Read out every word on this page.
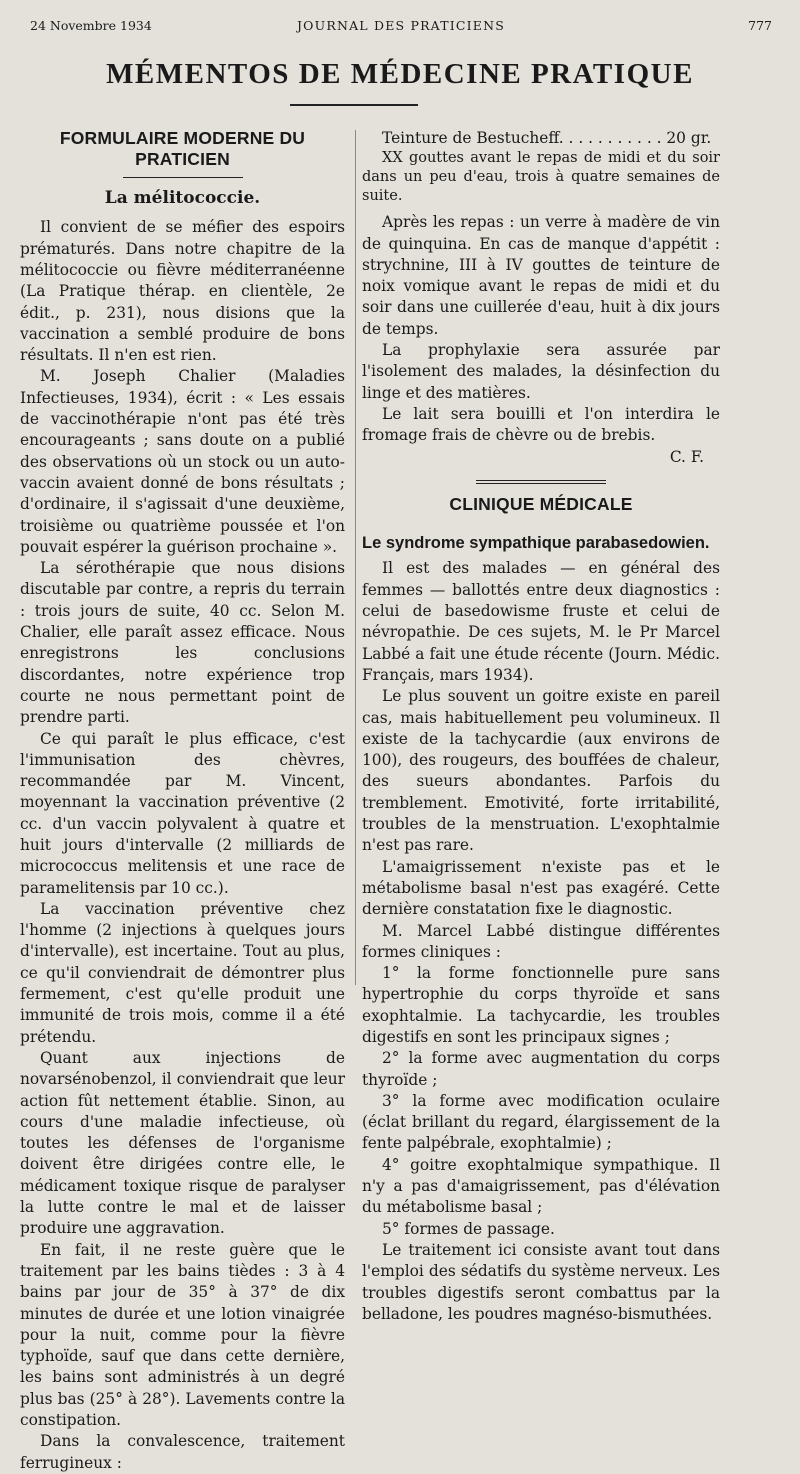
24 Novembre 1934	JOURNAL DES PRATICIENS	777
MÉMENTOS DE MÉDECINE PRATIQUE
FORMULAIRE MODERNE DU PRATICIEN
La mélitococcie.

Il convient de se méfier des espoirs prématurés. Dans notre chapitre de la mélitococcie ou fièvre méditerranéenne (La Pratique thérap. en clientèle, 2e édit., p. 231), nous disions que la vaccination a semblé produire de bons résultats. Il n'en est rien.

M. Joseph Chalier (Maladies Infectieuses, 1934), écrit : « Les essais de vaccinothérapie n'ont pas été très encourageants ; sans doute on a publié des observations où un stock ou un auto-vaccin avaient donné de bons résultats ; d'ordinaire, il s'agissait d'une deuxième, troisième ou quatrième poussée et l'on pouvait espérer la guérison prochaine ».

La sérothérapie que nous disions discutable par contre, a repris du terrain : trois jours de suite, 40 cc. Selon M. Chalier, elle paraît assez efficace. Nous enregistrons les conclusions discordantes, notre expérience trop courte ne nous permettant point de prendre parti.

Ce qui paraît le plus efficace, c'est l'immunisation des chèvres, recommandée par M. Vincent, moyennant la vaccination préventive (2 cc. d'un vaccin polyvalent à quatre et huit jours d'intervalle (2 milliards de micrococcus melitensis et une race de paramelitensis par 10 cc.).

La vaccination préventive chez l'homme (2 injections à quelques jours d'intervalle), est incertaine. Tout au plus, ce qu'il conviendrait de démontrer plus fermement, c'est qu'elle produit une immunité de trois mois, comme il a été prétendu.

Quant aux injections de novarsénobenzol, il conviendrait que leur action fût nettement établie. Sinon, au cours d'une maladie infectieuse, où toutes les défenses de l'organisme doivent être dirigées contre elle, le médicament toxique risque de paralyser la lutte contre le mal et de laisser produire une aggravation.

En fait, il ne reste guère que le traitement par les bains tièdes : 3 à 4 bains par jour de 35° à 37° de dix minutes de durée et une lotion vinaigrée pour la nuit, comme pour la fièvre typhoïde, sauf que dans cette dernière, les bains sont administrés à un degré plus bas (25° à 28°). Lavements contre la constipation.

Dans la convalescence, traitement ferrugineux :

Teinture de Bestucheff. . . . . . . . . . . 20 gr.

XX gouttes avant le repas de midi et du soir dans un peu d'eau, trois à quatre semaines de suite.

Après les repas : un verre à madère de vin de quinquina. En cas de manque d'appétit : strychnine, III à IV gouttes de teinture de noix vomique avant le repas de midi et du soir dans une cuillerée d'eau, huit à dix jours de temps.

La prophylaxie sera assurée par l'isolement des malades, la désinfection du linge et des matières.

Le lait sera bouilli et l'on interdira le fromage frais de chèvre ou de brebis.

C. F.

CLINIQUE MÉDICALE
Le syndrome sympathique parabasedowien.

Il est des malades — en général des femmes — ballottés entre deux diagnostics : celui de basedowisme fruste et celui de névropathie. De ces sujets, M. le Pr Marcel Labbé a fait une étude récente (Journ. Médic. Français, mars 1934).

Le plus souvent un goitre existe en pareil cas, mais habituellement peu volumineux. Il existe de la tachycardie (aux environs de 100), des rougeurs, des bouffées de chaleur, des sueurs abondantes. Parfois du tremblement. Emotivité, forte irritabilité, troubles de la menstruation. L'exophtalmie n'est pas rare.

L'amaigrissement n'existe pas et le métabolisme basal n'est pas exagéré. Cette dernière constatation fixe le diagnostic.

M. Marcel Labbé distingue différentes formes cliniques :

1° la forme fonctionnelle pure sans hypertrophie du corps thyroïde et sans exophtalmie. La tachycardie, les troubles digestifs en sont les principaux signes ;

2° la forme avec augmentation du corps thyroïde ;

3° la forme avec modification oculaire (éclat brillant du regard, élargissement de la fente palpébrale, exophtalmie) ;

4° goitre exophtalmique sympathique. Il n'y a pas d'amaigrissement, pas d'élévation du métabolisme basal ;

5° formes de passage.

Le traitement ici consiste avant tout dans l'emploi des sédatifs du système nerveux. Les troubles digestifs seront combattus par la belladone, les poudres magnéso-bismuthées.
